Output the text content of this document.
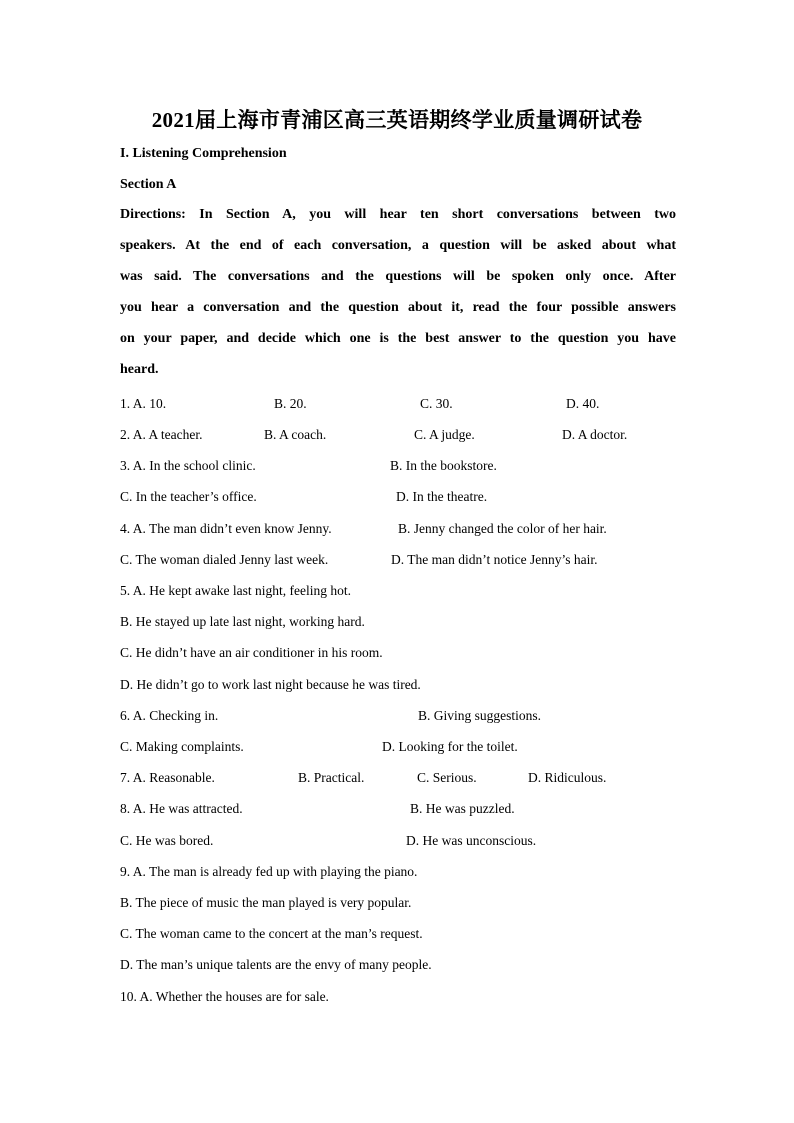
2021届上海市青浦区高三英语期终学业质量调研试卷
I. Listening Comprehension
Section A
Directions: In Section A, you will hear ten short conversations between two
speakers. At the end of each conversation, a question will be asked about what
was said. The conversations and the questions will be spoken only once. After
you hear a conversation and the question about it, read the four possible answers
on your paper, and decide which one is the best answer to the question you have
heard.
1. A. 10.	B. 20.	C. 30.	D. 40.
2. A. A teacher.	B. A coach.	C. A judge.	D. A doctor.
3. A. In the school clinic.	B. In the bookstore.
C. In the teacher’s office.	D. In the theatre.
4. A. The man didn’t even know Jenny.	B. Jenny changed the color of her hair.
C. The woman dialed Jenny last week.	D. The man didn’t notice Jenny’s hair.
5. A. He kept awake last night, feeling hot.
B. He stayed up late last night, working hard.
C. He didn’t have an air conditioner in his room.
D. He didn’t go to work last night because he was tired.
6. A. Checking in.	B. Giving suggestions.
C. Making complaints.	D. Looking for the toilet.
7. A. Reasonable.	B. Practical.	C. Serious.	D. Ridiculous.
8. A. He was attracted.	B. He was puzzled.
C. He was bored.	D. He was unconscious.
9. A. The man is already fed up with playing the piano.
B. The piece of music the man played is very popular.
C. The woman came to the concert at the man’s request.
D. The man’s unique talents are the envy of many people.
10. A. Whether the houses are for sale.
